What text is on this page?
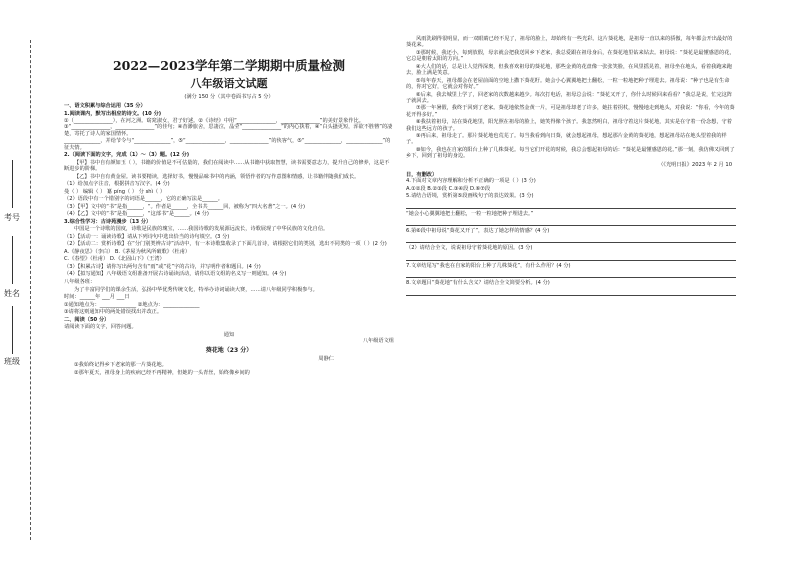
考号
姓名
班级
2022—2023学年第二学期期中质量检测
八年级语文试题
(满分 150 分（其中卷面书写占 5 分）
一、语文积累与综合运用（35 分）
1.阅读课内，默写出相应的诗文。(10 分)
①（_______________），在河之洲。窈窕淑女，君子好逑。②《诗经》中用“_______________，_______________”的美好景象作比。③“_______________，_______________”的佳句；④杳渺旅舍，思凄泣，晶莹“_______________”的内心执着，④“白头搔更短，浑欲不胜簪”的凄楚，寄托了诗人的家国情怀。
______________，并给节令与“______________”，⑤“_______________，_______________”的侠客气，⑤“______________，______________”的征夫情。
2.（阅读下面的文字，完成（1）～（3）题。(12 分)
【甲】书中自有颜如玉（ ），书籍的价值是不可估量的，我们在阅读中……从书籍中获取智慧，读书需要意志力，提升自己的修养，这是不断进步的阶梯。
【乙】书中自有黄金屋。读书要精读，选择好书，慢慢品味书中的内涵，领悟作者的写作意图和情感，让书籍伴随我们成长。
（1）给加点字注音，根据拼音写汉字。(4 分)
曼（ ） 编辑（ ） 纂 píng（ ） 分 shì（ ）
（2）语段中有一个错别字的词语是______，它的正确写法是______。
（3）【甲】文中的“书”是指______，“。作者是______，全书共______回，被称为“四大名著”之一。(4 分)
（4）【乙】文中的“书”是指______，“这部书”是______。(4 分)
3.综合性学习：古诗苑漫步（13 分）
中国是一个诗歌的国度，诗歌是民族的瑰宝，……我国诗歌的发展源远流长，诗歌展现了中华民族的文化自信。
（1）【活动一：诵读诗歌】请从下列诗句中选出恰当的诗句填空。(3 分)
（2）【活动二：赏析诗歌】在“分门别类辨古诗”活动中，有一本诗歌集收录了下面几首诗，请根据它们的类别，选出不同类的一项（ ）(2 分)
A.《静夜思》（李白） B.《茅屋为秋风所破歌》（杜甫）
C.《春望》（杜甫） D.《北固山下》（王湾）
（3）【积累古诗】请你写出两句含有“雨”或“花”字的古诗，并写明作者和题目。(4 分)
（4）【拟写通知】八年级语文组准备开展古诗诵读活动，请你以语文组的名义写一则通知。(4 分)
八年级各班：
为了丰富同学们的课余生活，弘扬中华优秀传统文化，特举办诗词诵读大赛，……请八年级同学积极参与。
时间：______年 ___月 ___日
①通知地点为：______________ ②地点为：______________
③请将这则通知中的两处错误找出并改正。
二、阅读（50 分）
请阅读下面的文字，回答问题。
通知
八年级语文组
葵花地（23 分）
周静仁
①我始终记得乡下老家的那一片葵花地。
②那年夏天，祖母身上的疾病已经不再精神，但她的一头青丝，始终像乡间的
风雨洗刷得很明显，而一双眼睛已经不见了，祖母的脸上，却始终有一些光彩。这片葵花地，是祖母一直以来的骄傲，每年都会开出最好的葵花来。
③那时候，我还小，每到放假，母亲就会把我送回乡下老家，我总爱跟在祖母身后，在葵花地里钻来钻去。祖母说：“葵花是最懂感恩的花，它总是朝着太阳的方向。”
④大人们的话，总是让人觉得深奥，但我喜欢祖母的葵花地，那些金黄的花盘像一张张笑脸，在风里摇晃着，祖母坐在地头，看着我跑来跑去，脸上满是笑意。
⑤每年春天，祖母都会在老屋前面的空地上撒下葵花籽。她会小心翼翼地把土翻松，一粒一粒地把种子埋进去。祖母说：“种子也是有生命的，你对它好，它就会对你好。”
⑥后来，我去城里上学了，回老家的次数越来越少。每次打电话，祖母总会说：“葵花又开了，你什么时候回来看看？”我总是说，忙完这阵子就回去。
⑦那一年暑假，我终于回到了老家。葵花地依然金黄一片，可是祖母却老了许多，她拄着拐杖，慢慢地走到地头，对我说：“你看，今年的葵花开得多好。”
⑧我扶着祖母，站在葵花地里，阳光照在祖母的脸上，她笑得像个孩子。我忽然明白，祖母守着这片葵花地，其实是在守着一份念想，守着我们这些远方的孩子。
⑨再后来，祖母走了。那片葵花地也荒芜了。每当我看到向日葵，就会想起祖母，想起那片金黄的葵花地，想起祖母站在地头望着我的样子。
⑩如今，我也在自家的阳台上种了几株葵花。每当它们开花的时候，我总会想起祖母的话：“葵花是最懂感恩的花。”那一刻，我仿佛又回到了乡下，回到了祖母的身边。
（《光明日报》2023 年 2 月 10
日，有删改）
4.下面对文章内容理解和分析不正确的一项是（ ）(3 分)
A.①②段 B.②③段 C.③④段 D.⑥⑦段
5.请结合语境，赏析第⑤段画线句子的表达效果。(3 分)
“她会小心翼翼地把土翻松，一粒一粒地把种子埋进去。”
6.第⑥段中祖母说“葵花又开了”，表达了她怎样的情感？(4 分)
（2）请结合全文，说说祖母守着葵花地的原因。(3 分)
7.文章结尾写“我也在自家的阳台上种了几株葵花”，有什么作用？(4 分)
8.文章题目“葵花地”有什么含义？请结合全文简要分析。(4 分)
